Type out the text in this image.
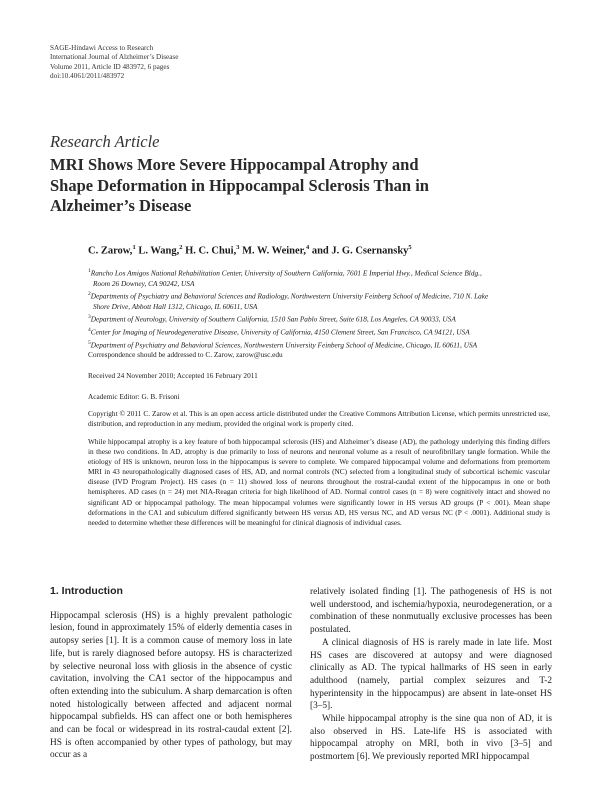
SAGE-Hindawi Access to Research
International Journal of Alzheimer’s Disease
Volume 2011, Article ID 483972, 6 pages
doi:10.4061/2011/483972
Research Article
MRI Shows More Severe Hippocampal Atrophy and
Shape Deformation in Hippocampal Sclerosis Than in
Alzheimer’s Disease
C. Zarow,$^1$ L. Wang,$^2$ H. C. Chui,$^3$ M. W. Weiner,$^4$ and J. G. Csernansky$^5$
$^1$Rancho Los Amigos National Rehabilitation Center, University of Southern California, 7601 E Imperial Hwy., Medical Science Bldg.,
Room 26 Downey, CA 90242, USA
$^2$Departments of Psychiatry and Behavioral Sciences and Radiology, Northwestern University Feinberg School of Medicine, 710 N. Lake
Shore Drive, Abbott Hall 1312, Chicago, IL 60611, USA
$^3$Department of Neurology, University of Southern California, 1510 San Pablo Street, Suite 618, Los Angeles, CA 90033, USA
$^4$Center for Imaging of Neurodegenerative Disease, University of California, 4150 Clement Street, San Francisco, CA 94121, USA
$^5$Department of Psychiatry and Behavioral Sciences, Northwestern University Feinberg School of Medicine, Chicago, IL 60611, USA
Correspondence should be addressed to C. Zarow, zarow@usc.edu
Received 24 November 2010; Accepted 16 February 2011
Academic Editor: G. B. Frisoni
Copyright © 2011 C. Zarow et al. This is an open access article distributed under the Creative Commons Attribution License, which permits unrestricted use, distribution, and reproduction in any medium, provided the original work is properly cited.
While hippocampal atrophy is a key feature of both hippocampal sclerosis (HS) and Alzheimer’s disease (AD), the pathology underlying this finding differs in these two conditions. In AD, atrophy is due primarily to loss of neurons and neuronal volume as a result of neurofibrillary tangle formation. While the etiology of HS is unknown, neuron loss in the hippocampus is severe to complete. We compared hippocampal volume and deformations from premortem MRI in 43 neuropathologically diagnosed cases of HS, AD, and normal controls (NC) selected from a longitudinal study of subcortical ischemic vascular disease (IVD Program Project). HS cases (n = 11) showed loss of neurons throughout the rostral-caudal extent of the hippocampus in one or both hemispheres. AD cases (n = 24) met NIA-Reagan criteria for high likelihood of AD. Normal control cases (n = 8) were cognitively intact and showed no significant AD or hippocampal pathology. The mean hippocampal volumes were significantly lower in HS versus AD groups (P < .001). Mean shape deformations in the CA1 and subiculum differed significantly between HS versus AD, HS versus NC, and AD versus NC (P < .0001). Additional study is needed to determine whether these differences will be meaningful for clinical diagnosis of individual cases.
1. Introduction

Hippocampal sclerosis (HS) is a highly prevalent pathologic lesion, found in approximately 15% of elderly dementia cases in autopsy series [1]. It is a common cause of memory loss in late life, but is rarely diagnosed before autopsy. HS is characterized by selective neuronal loss with gliosis in the absence of cystic cavitation, involving the CA1 sector of the hippocampus and often extending into the subiculum. A sharp demarcation is often noted histologically between affected and adjacent normal hippocampal subfields. HS can affect one or both hemispheres and can be focal or widespread in its rostral-caudal extent [2]. HS is often accompanied by other types of pathology, but may occur as a

relatively isolated finding [1]. The pathogenesis of HS is not well understood, and ischemia/hypoxia, neurodegeneration, or a combination of these nonmutually exclusive processes has been postulated.

A clinical diagnosis of HS is rarely made in late life. Most HS cases are discovered at autopsy and were diagnosed clinically as AD. The typical hallmarks of HS seen in early adulthood (namely, partial complex seizures and T-2 hyperintensity in the hippocampus) are absent in late-onset HS [3–5].

While hippocampal atrophy is the sine qua non of AD, it is also observed in HS. Late-life HS is associated with hippocampal atrophy on MRI, both in vivo [3–5] and postmortem [6]. We previously reported MRI hippocampal
